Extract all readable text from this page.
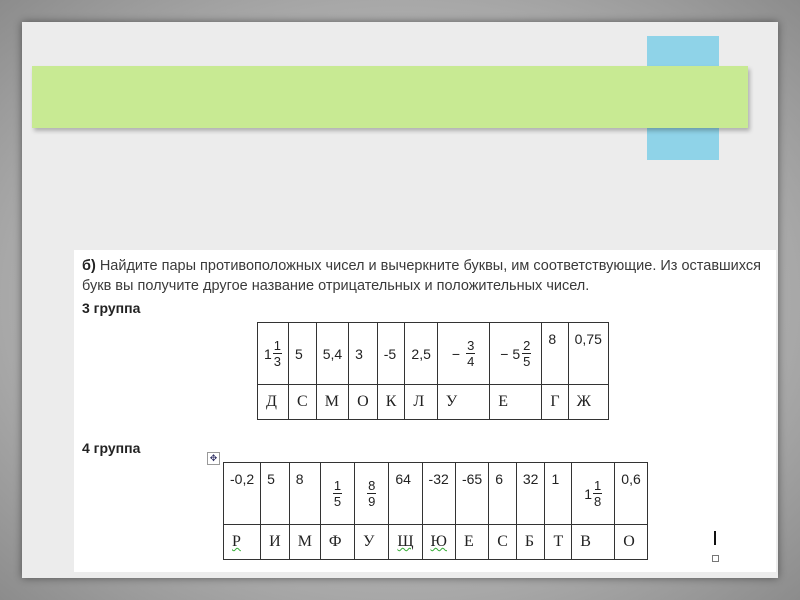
б) Найдите пары противоположных чисел и вычеркните буквы, им соответствующие. Из оставшихся букв вы получите другое название отрицательных и положительных чисел.
3 группа
$1 \frac{1}{3}$	5	5,4	3	-5	2,5	− $\frac{3}{4}$	− $5 \frac{2}{5}$	8	0,75
Д	С	М	О	К	Л	У	Е	Г	Ж
4 группа
✥
-0,2	5	8	$\frac{1}{5}$	$\frac{8}{9}$	64	-32	-65	6	32	1	$1 \frac{1}{8}$	0,6
Р	И	М	Ф	У	Щ	Ю	Е	С	Б	Т	В	О
